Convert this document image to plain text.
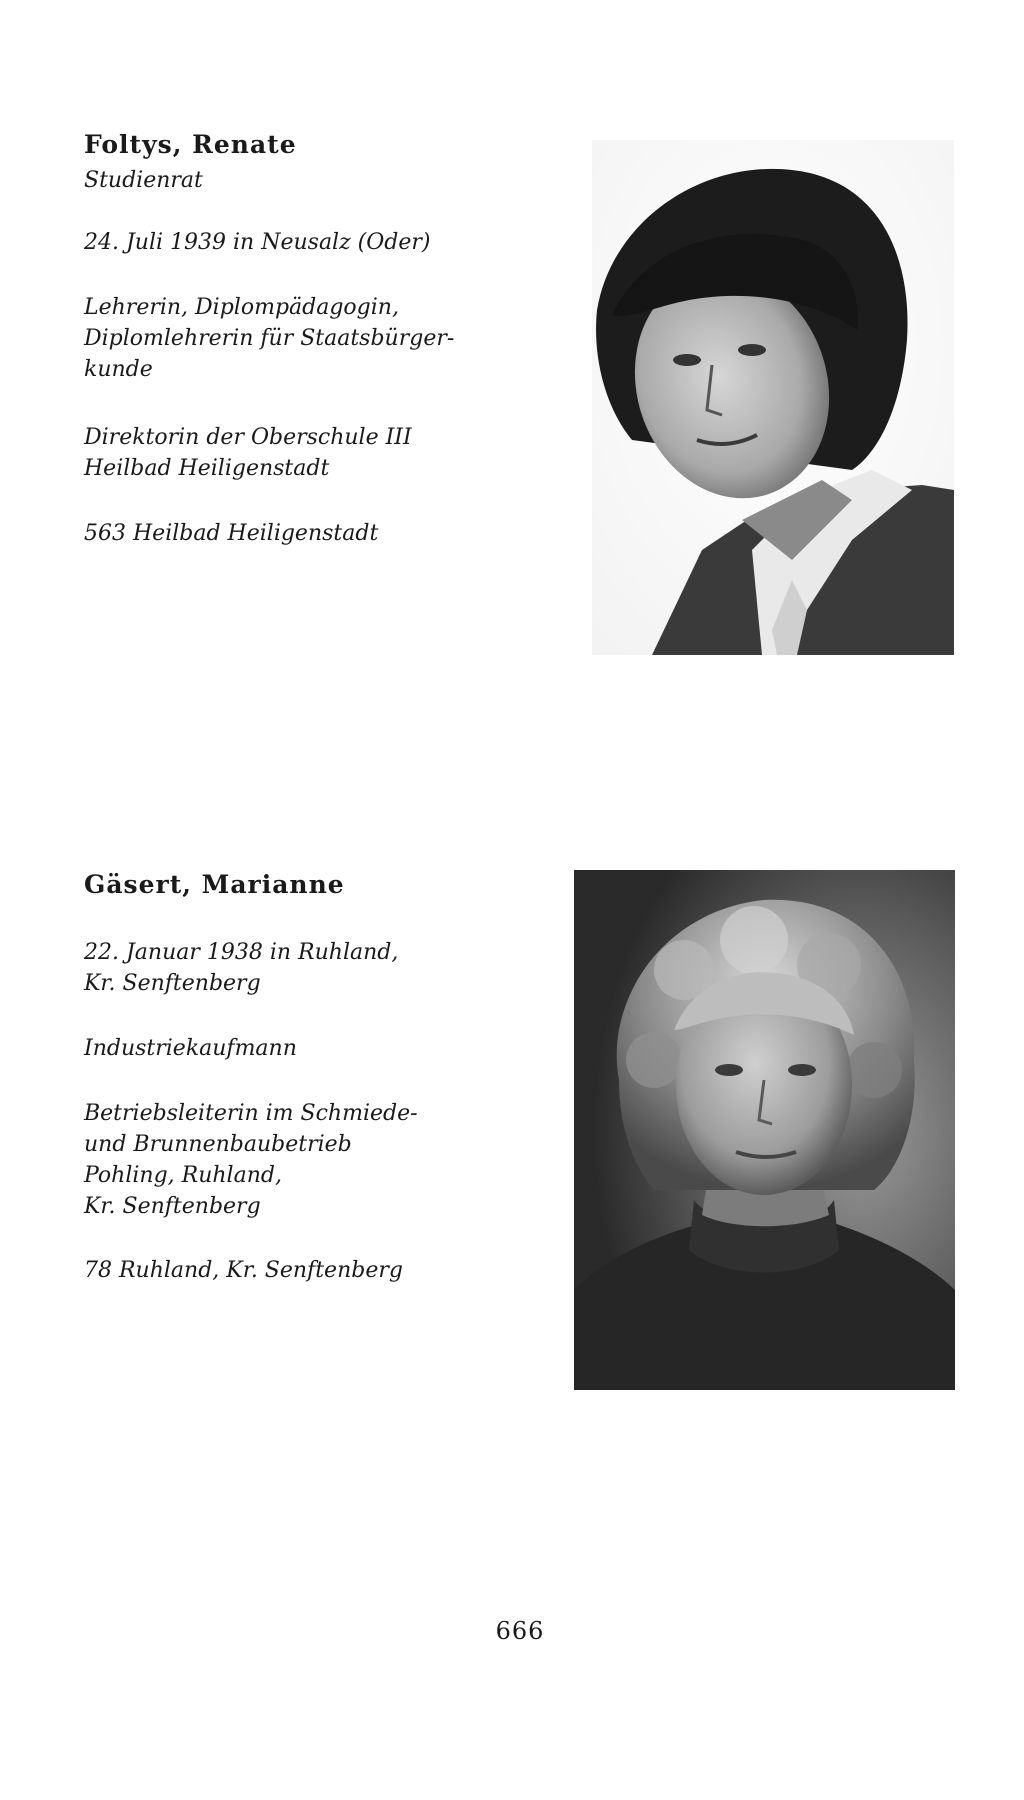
Foltys, Renate

Studienrat

24. Juli 1939 in Neusalz (Oder)

Lehrerin, Diplompädagogin,
Diplomlehrerin für Staatsbürger-
kunde

Direktorin der Oberschule III
Heilbad Heiligenstadt

563 Heilbad Heiligenstadt

Gäsert, Marianne

22. Januar 1938 in Ruhland,
Kr. Senftenberg

Industriekaufmann

Betriebsleiterin im Schmiede-
und Brunnenbaubetrieb
Pohling, Ruhland,
Kr. Senftenberg

78 Ruhland, Kr. Senftenberg

666
